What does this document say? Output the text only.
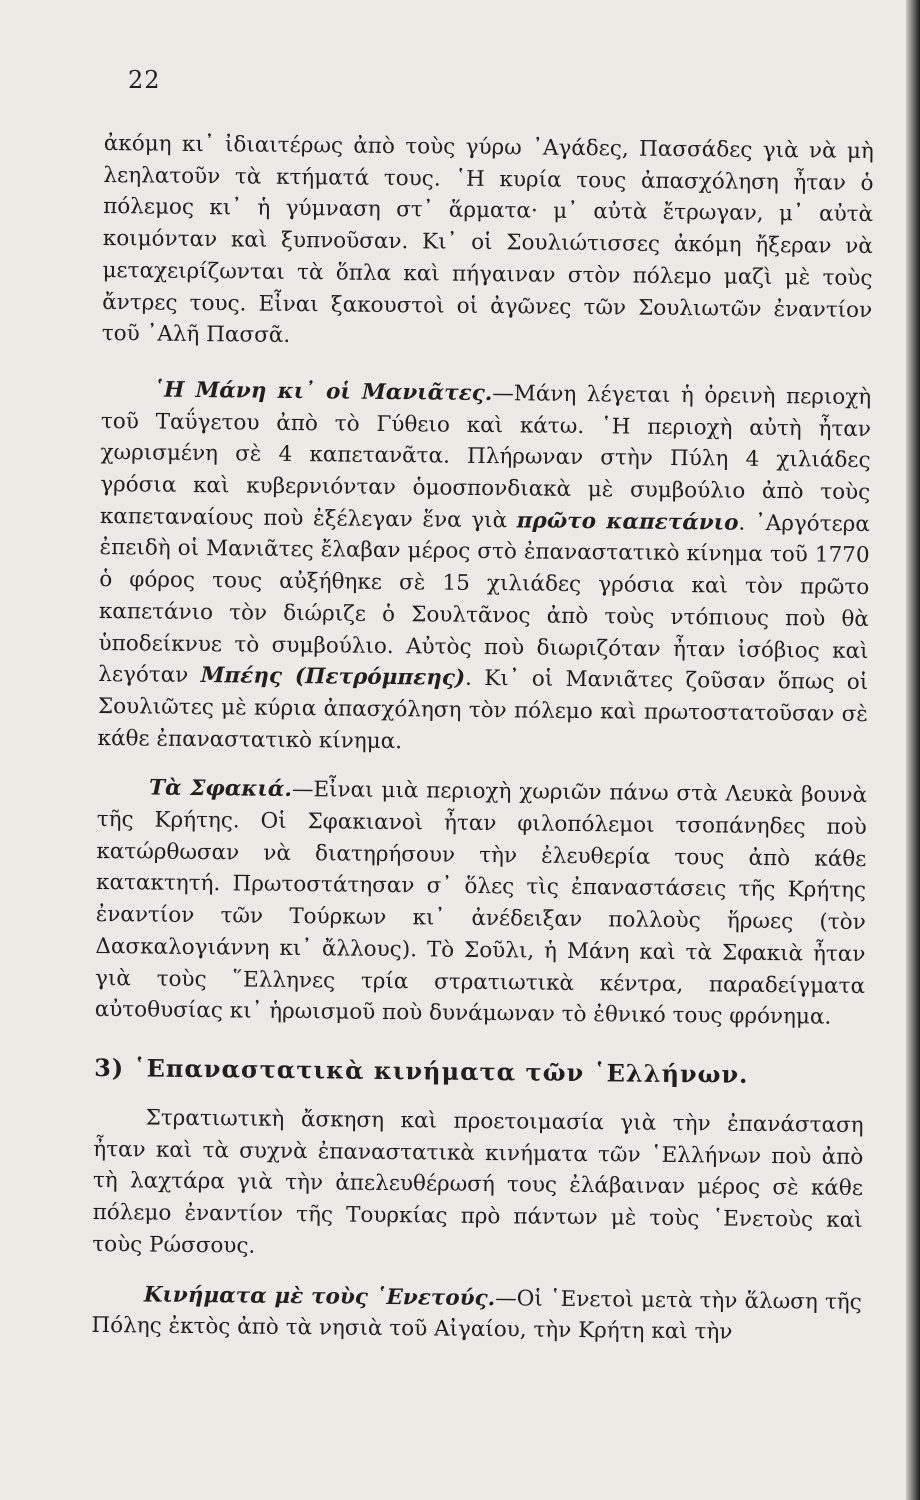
22

ἀκόμη κι᾽ ἰδιαιτέρως ἀπὸ τοὺς γύρω ᾽Αγάδες, Πασσάδες γιὰ νὰ μὴ λεηλατοῦν τὰ κτήματά τους. ῾Η κυρία τους ἀπασχόληση ἦταν ὁ πόλεμος κι᾽ ἡ γύμναση στ᾽ ἅρματα· μ᾽ αὐτὰ ἔτρωγαν, μ᾽ αὐτὰ κοιμόνταν καὶ ξυπνοῦσαν. Κι᾽ οἱ Σουλιώτισσες ἀκόμη ἤξεραν νὰ μεταχειρίζωνται τὰ ὅπλα καὶ πήγαιναν στὸν πόλεμο μαζὶ μὲ τοὺς ἄντρες τους. Εἶναι ξακουστοὶ οἱ ἀγῶνες τῶν Σουλιωτῶν ἐναντίον τοῦ ᾽Αλῆ Πασσᾶ.

῾Η Μάνη κι᾽ οἱ Μανιᾶτες.—Μάνη λέγεται ἡ ὀρεινὴ περιοχὴ τοῦ Ταΰγετου ἀπὸ τὸ Γύθειο καὶ κάτω. ῾Η περιοχὴ αὐτὴ ἦταν χωρισμένη σὲ 4 καπετανᾶτα. Πλήρωναν στὴν Πύλη 4 χιλιάδες γρόσια καὶ κυβερνιόνταν ὁμοσπονδιακὰ μὲ συμβούλιο ἀπὸ τοὺς καπεταναίους ποὺ ἐξέλεγαν ἕνα γιὰ πρῶτο καπετάνιο. ᾽Αργότερα ἐπειδὴ οἱ Μανιᾶτες ἔλαβαν μέρος στὸ ἐπαναστατικὸ κίνημα τοῦ 1770 ὁ φόρος τους αὐξήθηκε σὲ 15 χιλιάδες γρόσια καὶ τὸν πρῶτο καπετάνιο τὸν διώριζε ὁ Σουλτᾶνος ἀπὸ τοὺς ντόπιους ποὺ θὰ ὑποδείκνυε τὸ συμβούλιο. Αὐτὸς ποὺ διωριζόταν ἦταν ἰσόβιος καὶ λεγόταν Μπέης (Πετρόμπεης). Κι᾽ οἱ Μανιᾶτες ζοῦσαν ὅπως οἱ Σουλιῶτες μὲ κύρια ἀπασχόληση τὸν πόλεμο καὶ πρωτοστατοῦσαν σὲ κάθε ἐπαναστατικὸ κίνημα.

Τὰ Σφακιά.—Εἶναι μιὰ περιοχὴ χωριῶν πάνω στὰ Λευκὰ βουνὰ τῆς Κρήτης. Οἱ Σφακιανοὶ ἦταν φιλοπόλεμοι τσοπάνηδες ποὺ κατώρθωσαν νὰ διατηρήσουν τὴν ἐλευθερία τους ἀπὸ κάθε κατακτητή. Πρωτοστάτησαν σ᾽ ὅλες τὶς ἐπαναστάσεις τῆς Κρήτης ἐναντίον τῶν Τούρκων κι᾽ ἀνέδειξαν πολλοὺς ἥρωες (τὸν Δασκαλογιάννη κι᾽ ἄλλους). Τὸ Σοῦλι, ἡ Μάνη καὶ τὰ Σφακιὰ ἦταν γιὰ τοὺς ῞Ελληνες τρία στρατιωτικὰ κέντρα, παραδείγματα αὐτοθυσίας κι᾽ ἡρωισμοῦ ποὺ δυνάμωναν τὸ ἐθνικό τους φρόνημα.

3) ῾Επαναστατικὰ κινήματα τῶν ῾Ελλήνων.

Στρατιωτικὴ ἄσκηση καὶ προετοιμασία γιὰ τὴν ἐπανάσταση ἦταν καὶ τὰ συχνὰ ἐπαναστατικὰ κινήματα τῶν ῾Ελλήνων ποὺ ἀπὸ τὴ λαχτάρα γιὰ τὴν ἀπελευθέρωσή τους ἐλάβαιναν μέρος σὲ κάθε πόλεμο ἐναντίον τῆς Τουρκίας πρὸ πάντων μὲ τοὺς ῾Ενετοὺς καὶ τοὺς Ρώσσους.

Κινήματα μὲ τοὺς ῾Ενετούς.—Οἱ ῾Ενετοὶ μετὰ τὴν ἅλωση τῆς Πόλης ἐκτὸς ἀπὸ τὰ νησιὰ τοῦ Αἰγαίου, τὴν Κρήτη καὶ τὴν
